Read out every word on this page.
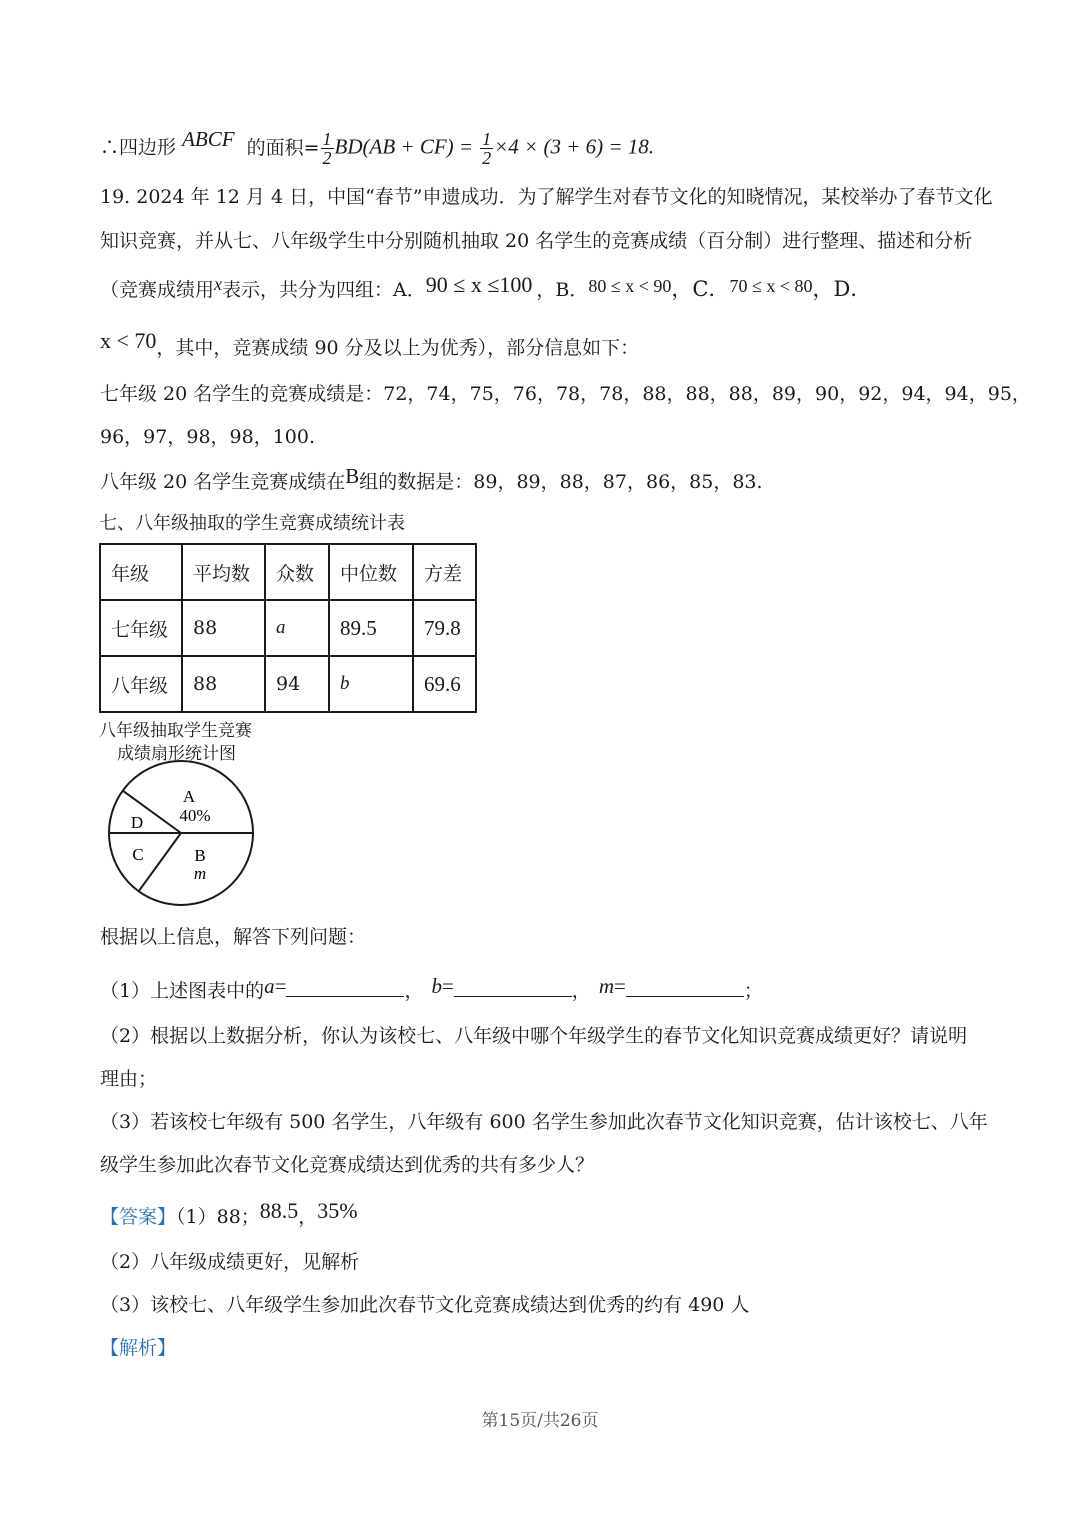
∴四边形 ABCF 的面积= $\frac{1}{2} BD(AB + CF) = \frac{1}{2} \times 4 \times (3 + 6) = 18$.
19. 2024 年 12 月 4 日，中国“春节”申遗成功．为了解学生对春节文化的知晓情况，某校举办了春节文化
知识竞赛，并从七、八年级学生中分别随机抽取 20 名学生的竞赛成绩（百分制）进行整理、描述和分析
（竞赛成绩用x表示，共分为四组：A．90 ≤ x ≤100 ，B．80 ≤ x < 90，C．70 ≤ x < 80，D．
x < 70，其中，竞赛成绩 90 分及以上为优秀），部分信息如下：
七年级 20 名学生的竞赛成绩是：72，74，75，76，78，78，88，88，88，89，90，92，94，94，95，
96，97，98，98，100.
八年级 20 名学生竞赛成绩在B组的数据是：89，89，88，87，86，85，83.
七、八年级抽取的学生竞赛成绩统计表
年级	平均数	众数	中位数	方差
七年级	88	a	89.5	79.8
八年级	88	94	b	69.6
八年级抽取学生竞赛
成绩扇形统计图
A
40%
B
m
C
D
根据以上信息，解答下列问题：
（1）上述图表中的a=	， b=	， m=	；
（2）根据以上数据分析，你认为该校七、八年级中哪个年级学生的春节文化知识竞赛成绩更好？请说明
理由；
（3）若该校七年级有 500 名学生，八年级有 600 名学生参加此次春节文化知识竞赛，估计该校七、八年
级学生参加此次春节文化竞赛成绩达到优秀的共有多少人？
【答案】（1）88；88.5，35%
（2）八年级成绩更好，见解析
（3）该校七、八年级学生参加此次春节文化竞赛成绩达到优秀的约有 490 人
【解析】
第15页/共26页
